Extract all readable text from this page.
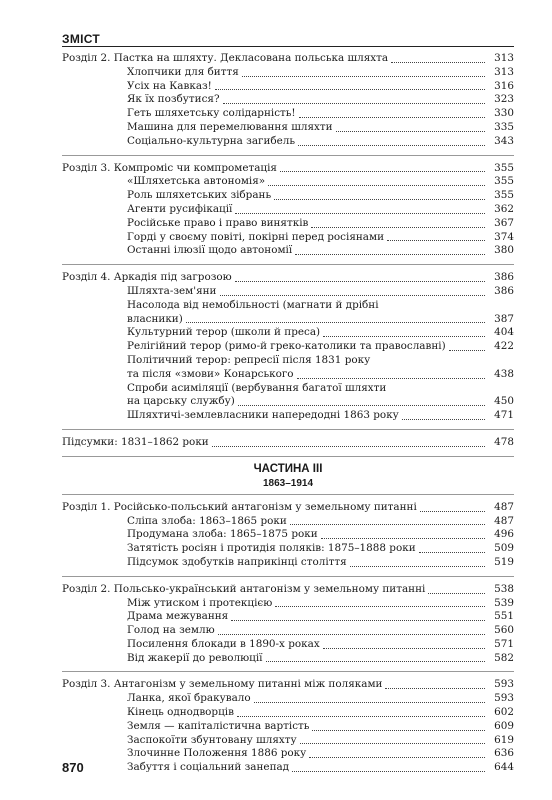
ЗМІСТ
Розділ 2. Пастка на шляхту. Декласована польська шляхта	313
Хлопчики для биття	313
Усіх на Кавказ!	316
Як їх позбутися?	323
Геть шляхетську солідарність!	330
Машина для перемелювання шляхти	335
Соціально-культурна загибель	343
Розділ 3. Компроміс чи компрометація	355
«Шляхетська автономія»	355
Роль шляхетських зібрань	355
Агенти русифікації	362
Російське право і право винятків	367
Горді у своєму повіті, покірні перед росіянами	374
Останні ілюзії щодо автономії	380
Розділ 4. Аркадія під загрозою	386
Шляхта-зем'яни	386
Насолода від немобільності (магнати й дрібні
власники)	387
Культурний терор (школи й преса)	404
Релігійний терор (римо-й греко-католики та православні)	422
Політичний терор: репресії після 1831 року
та після «змови» Конарського	438
Спроби асиміляції (вербування багатої шляхти
на царську службу)	450
Шляхтичі-землевласники напередодні 1863 року	471
Підсумки: 1831–1862 роки	478
ЧАСТИНА III
1863–1914
Розділ 1. Російсько-польський антагонізм у земельному питанні	487
Сліпа злоба: 1863–1865 роки	487
Продумана злоба: 1865–1875 роки	496
Затятість росіян і протидія поляків: 1875–1888 роки	509
Підсумок здобутків наприкінці століття	519
Розділ 2. Польсько-український антагонізм у земельному питанні	538
Між утиском і протекцією	539
Драма межування	551
Голод на землю	560
Посилення блокади в 1890-х роках	571
Від жакерії до революції	582
Розділ 3. Антагонізм у земельному питанні між поляками	593
Ланка, якої бракувало	593
Кінець однодворців	602
Земля — капіталістична вартість	609
Заспокоїти збунтовану шляхту	619
Злочинне Положення 1886 року	636
Забуття і соціальний занепад	644
870
